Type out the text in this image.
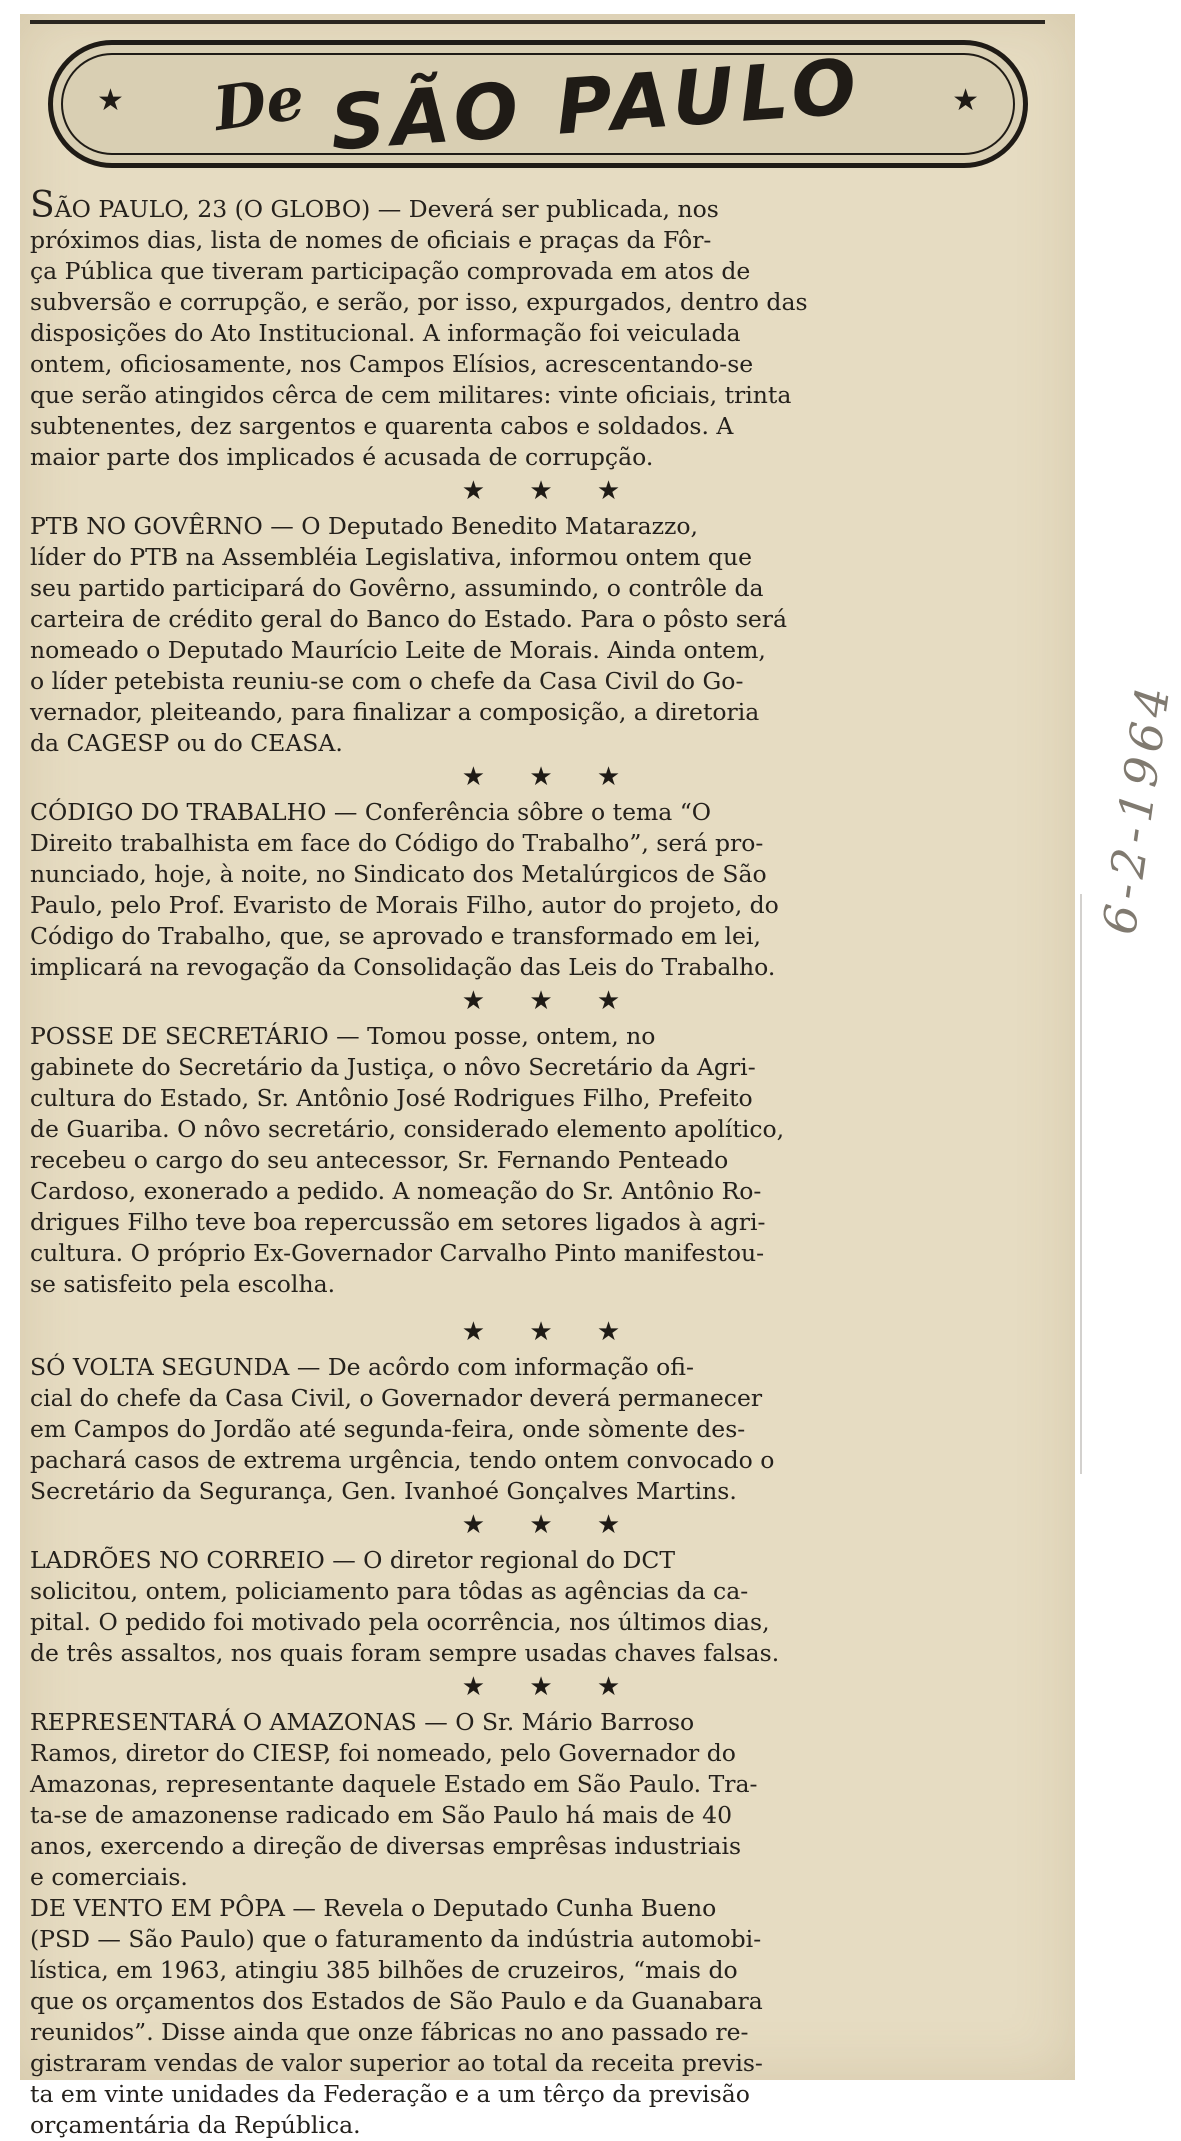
★ De SÃO PAULO	★

SÃO PAULO, 23 (O GLOBO) — Deverá ser publicada, nos
próximos dias, lista de nomes de oficiais e praças da Fôr-
ça Pública que tiveram participação comprovada em atos de
subversão e corrupção, e serão, por isso, expurgados, dentro das
disposições do Ato Institucional. A informação foi veiculada
ontem, oficiosamente, nos Campos Elísios, acrescentando-se
que serão atingidos cêrca de cem militares: vinte oficiais, trinta
subtenentes, dez sargentos e quarenta cabos e soldados. A
maior parte dos implicados é acusada de corrupção.

★ ★ ★

PTB NO GOVÊRNO — O Deputado Benedito Matarazzo,
líder do PTB na Assembléia Legislativa, informou ontem que
seu partido participará do Govêrno, assumindo, o contrôle da
carteira de crédito geral do Banco do Estado. Para o pôsto será
nomeado o Deputado Maurício Leite de Morais. Ainda ontem,
o líder petebista reuniu-se com o chefe da Casa Civil do Go-
vernador, pleiteando, para finalizar a composição, a diretoria
da CAGESP ou do CEASA.

★ ★ ★

CÓDIGO DO TRABALHO — Conferência sôbre o tema “O
Direito trabalhista em face do Código do Trabalho”, será pro-
nunciado, hoje, à noite, no Sindicato dos Metalúrgicos de São
Paulo, pelo Prof. Evaristo de Morais Filho, autor do projeto, do
Código do Trabalho, que, se aprovado e transformado em lei,
implicará na revogação da Consolidação das Leis do Trabalho.

★ ★ ★

POSSE DE SECRETÁRIO — Tomou posse, ontem, no
gabinete do Secretário da Justiça, o nôvo Secretário da Agri-
cultura do Estado, Sr. Antônio José Rodrigues Filho, Prefeito
de Guariba. O nôvo secretário, considerado elemento apolítico,
recebeu o cargo do seu antecessor, Sr. Fernando Penteado
Cardoso, exonerado a pedido. A nomeação do Sr. Antônio Ro-
drigues Filho teve boa repercussão em setores ligados à agri-
cultura. O próprio Ex-Governador Carvalho Pinto manifestou-
se satisfeito pela escolha.

★ ★ ★

SÓ VOLTA SEGUNDA — De acôrdo com informação ofi-
cial do chefe da Casa Civil, o Governador deverá permanecer
em Campos do Jordão até segunda-feira, onde sòmente des-
pachará casos de extrema urgência, tendo ontem convocado o
Secretário da Segurança, Gen. Ivanhoé Gonçalves Martins.

★ ★ ★

LADRÕES NO CORREIO — O diretor regional do DCT
solicitou, ontem, policiamento para tôdas as agências da ca-
pital. O pedido foi motivado pela ocorrência, nos últimos dias,
de três assaltos, nos quais foram sempre usadas chaves falsas.

★ ★ ★

REPRESENTARÁ O AMAZONAS — O Sr. Mário Barroso
Ramos, diretor do CIESP, foi nomeado, pelo Governador do
Amazonas, representante daquele Estado em São Paulo. Tra-
ta-se de amazonense radicado em São Paulo há mais de 40
anos, exercendo a direção de diversas emprêsas industriais
e comerciais.

DE VENTO EM PÔPA — Revela o Deputado Cunha Bueno
(PSD — São Paulo) que o faturamento da indústria automobi-
lística, em 1963, atingiu 385 bilhões de cruzeiros, “mais do
que os orçamentos dos Estados de São Paulo e da Guanabara
reunidos”. Disse ainda que onze fábricas no ano passado re-
gistraram vendas de valor superior ao total da receita previs-
ta em vinte unidades da Federação e a um têrço da previsão
orçamentária da República.

6-2-1964
